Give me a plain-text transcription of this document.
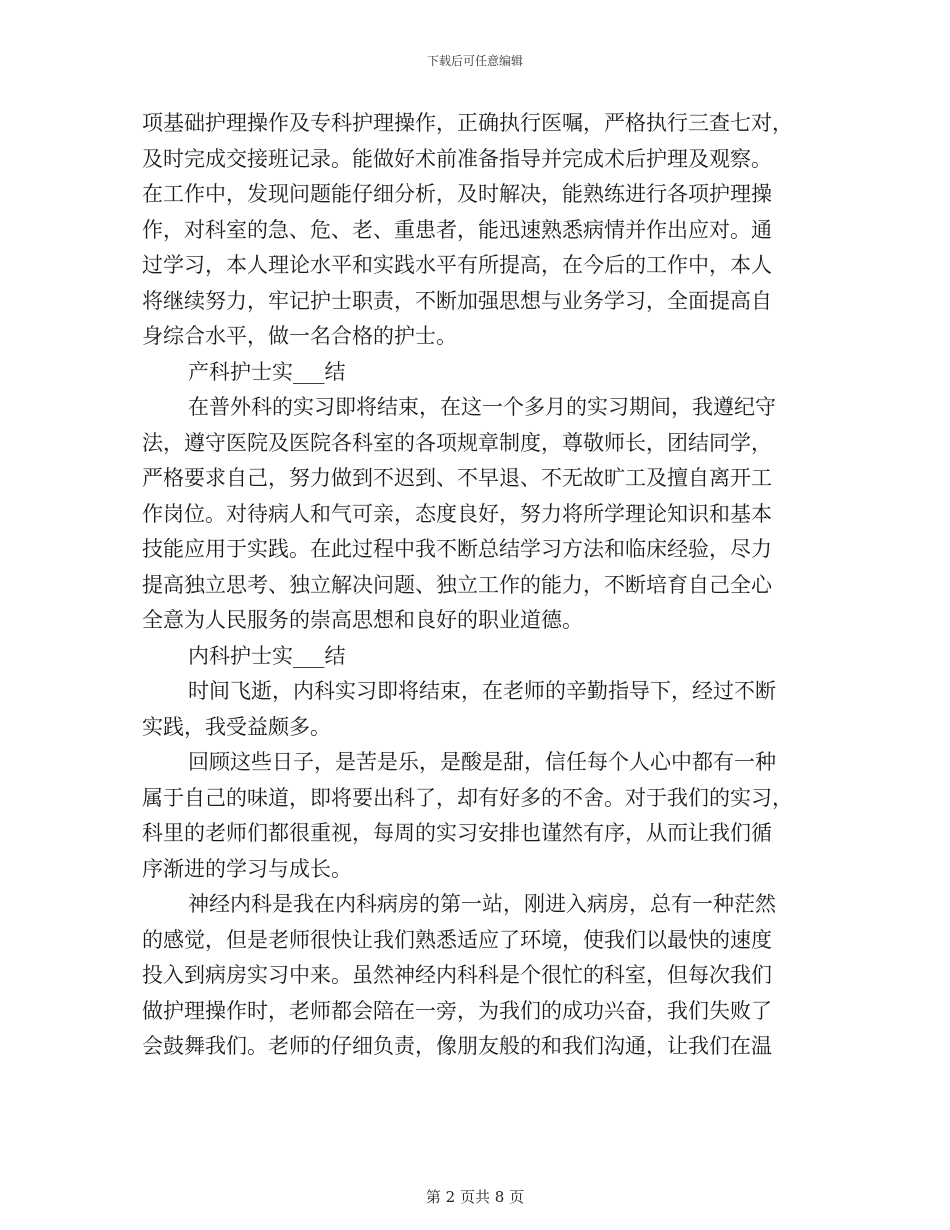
下载后可任意编辑
项基础护理操作及专科护理操作，正确执行医嘱，严格执行三查七对，
及时完成交接班记录。能做好术前准备指导并完成术后护理及观察。
在工作中，发现问题能仔细分析，及时解决，能熟练进行各项护理操
作，对科室的急、危、老、重患者，能迅速熟悉病情并作出应对。通
过学习，本人理论水平和实践水平有所提高，在今后的工作中，本人
将继续努力，牢记护士职责，不断加强思想与业务学习，全面提高自
身综合水平，做一名合格的护士。
产科护士实___结
在普外科的实习即将结束，在这一个多月的实习期间，我遵纪守
法，遵守医院及医院各科室的各项规章制度，尊敬师长，团结同学，
严格要求自己，努力做到不迟到、不早退、不无故旷工及擅自离开工
作岗位。对待病人和气可亲，态度良好，努力将所学理论知识和基本
技能应用于实践。在此过程中我不断总结学习方法和临床经验，尽力
提高独立思考、独立解决问题、独立工作的能力，不断培育自己全心
全意为人民服务的崇高思想和良好的职业道德。
内科护士实___结
时间飞逝，内科实习即将结束，在老师的辛勤指导下，经过不断
实践，我受益颇多。
回顾这些日子，是苦是乐，是酸是甜，信任每个人心中都有一种
属于自己的味道，即将要出科了，却有好多的不舍。对于我们的实习，
科里的老师们都很重视，每周的实习安排也谨然有序，从而让我们循
序渐进的学习与成长。
神经内科是我在内科病房的第一站，刚进入病房，总有一种茫然
的感觉，但是老师很快让我们熟悉适应了环境，使我们以最快的速度
投入到病房实习中来。虽然神经内科科是个很忙的科室，但每次我们
做护理操作时，老师都会陪在一旁，为我们的成功兴奋，我们失败了
会鼓舞我们。老师的仔细负责，像朋友般的和我们沟通，让我们在温
第 2 页共 8 页
